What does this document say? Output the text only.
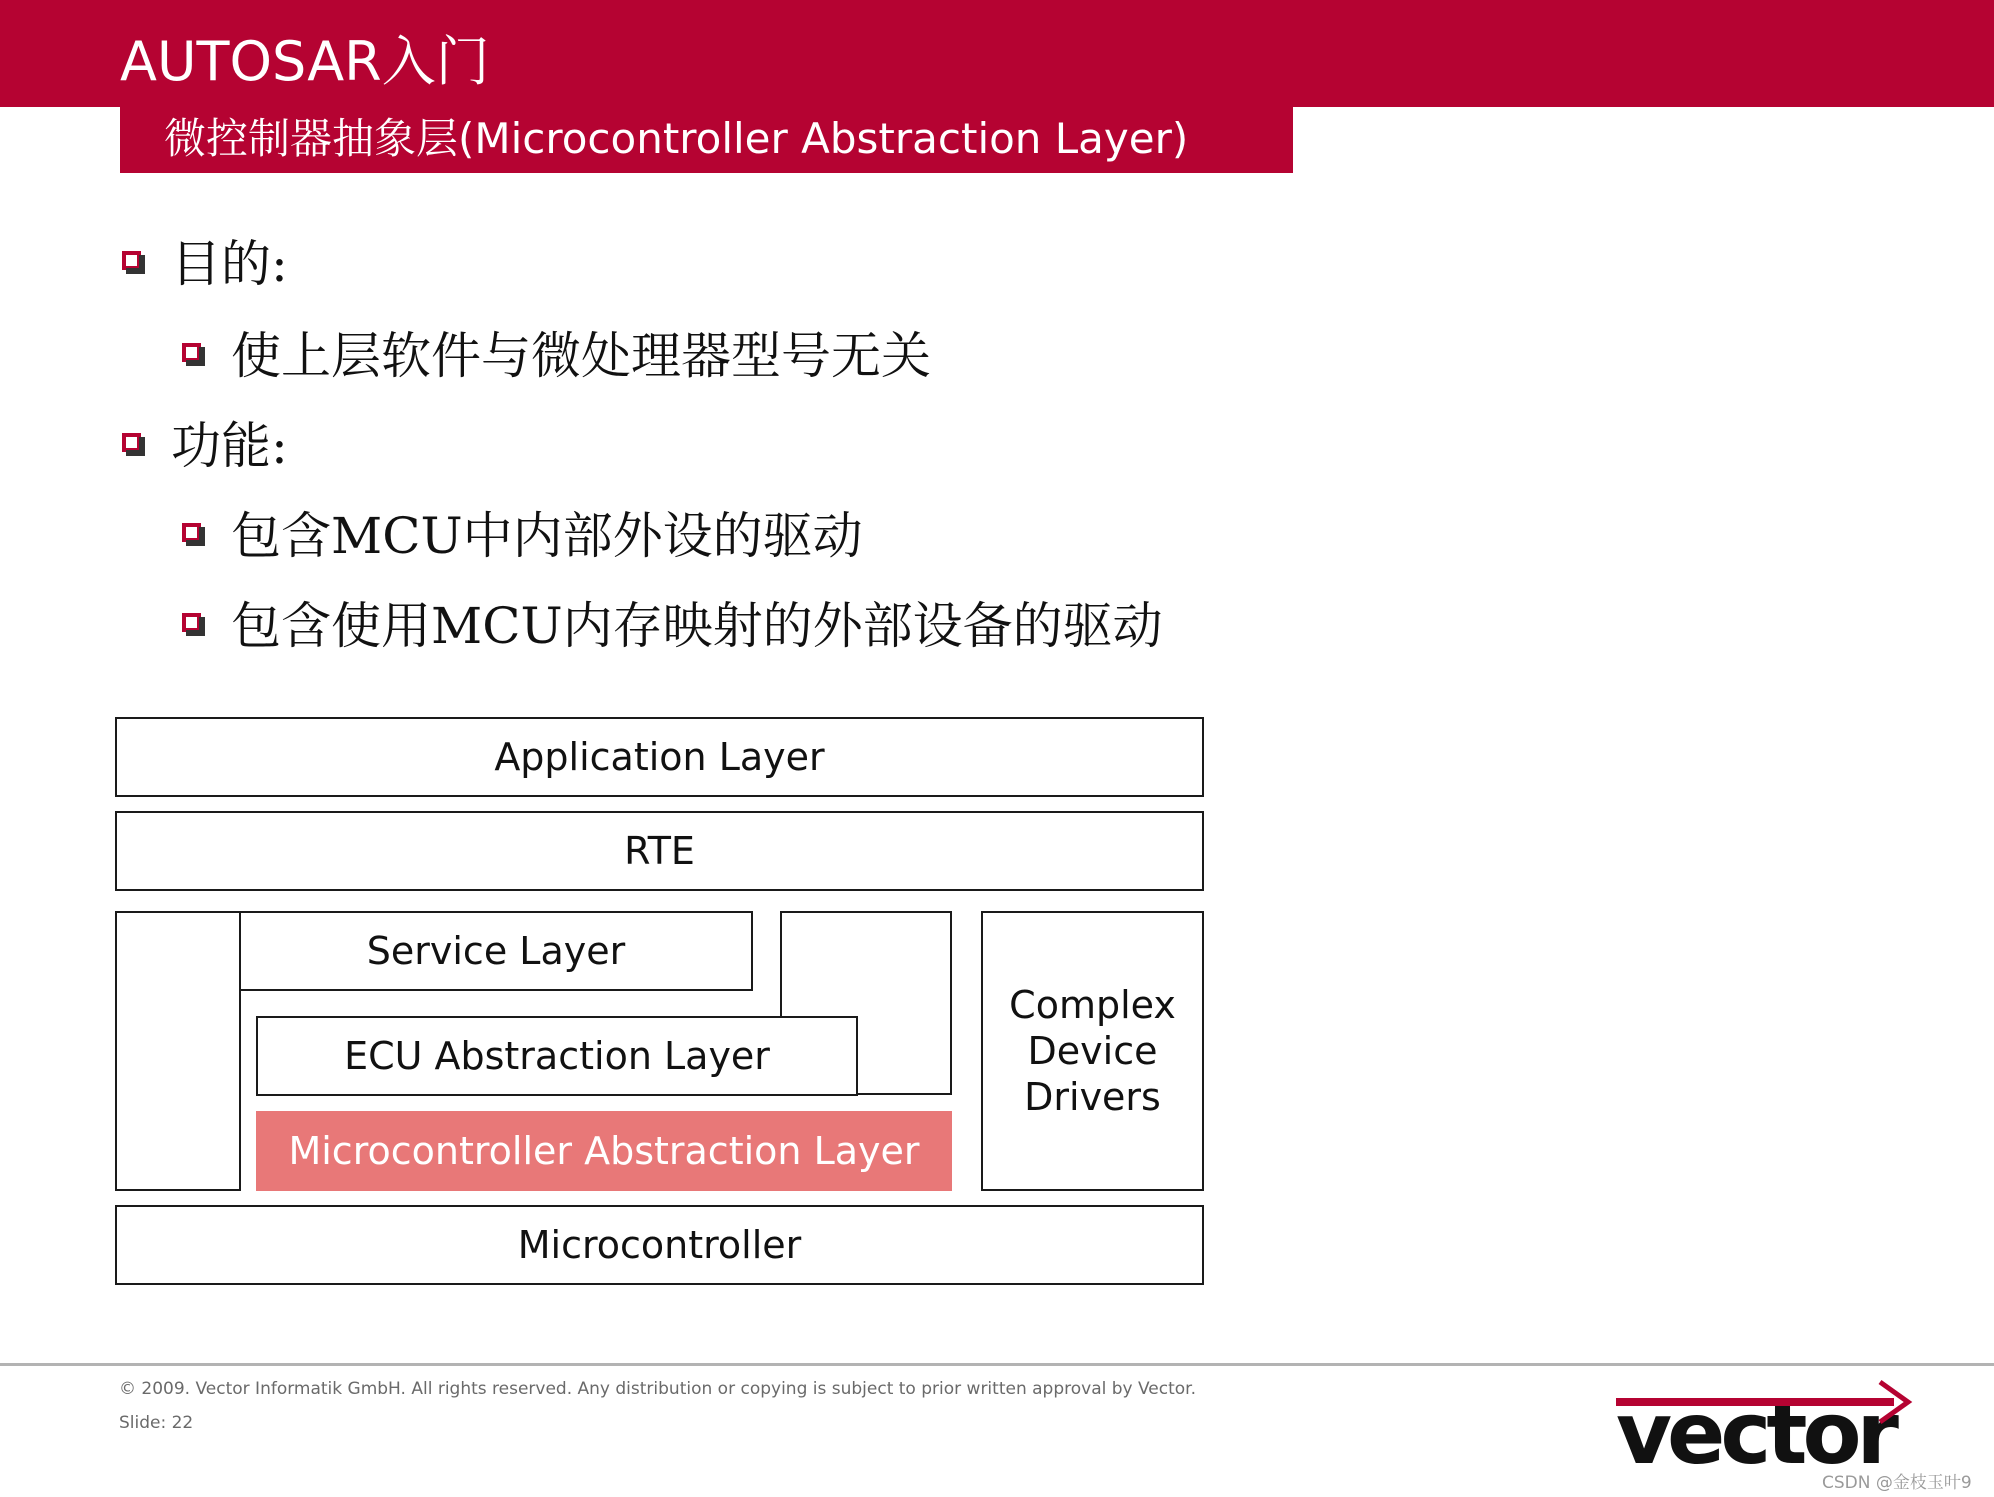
AUTOSAR入门
微控制器抽象层(Microcontroller Abstraction Layer)
目的:
使上层软件与微处理器型号无关
功能:
包含MCU中内部外设的驱动
包含使用MCU内存映射的外部设备的驱动
Application Layer
RTE
Service Layer
ECU Abstraction Layer
Microcontroller Abstraction Layer
Complex Device Drivers
Microcontroller
© 2009. Vector Informatik GmbH. All rights reserved. Any distribution or copying is subject to prior written approval by Vector.
Slide: 22	vector
CSDN @金枝玉叶9
